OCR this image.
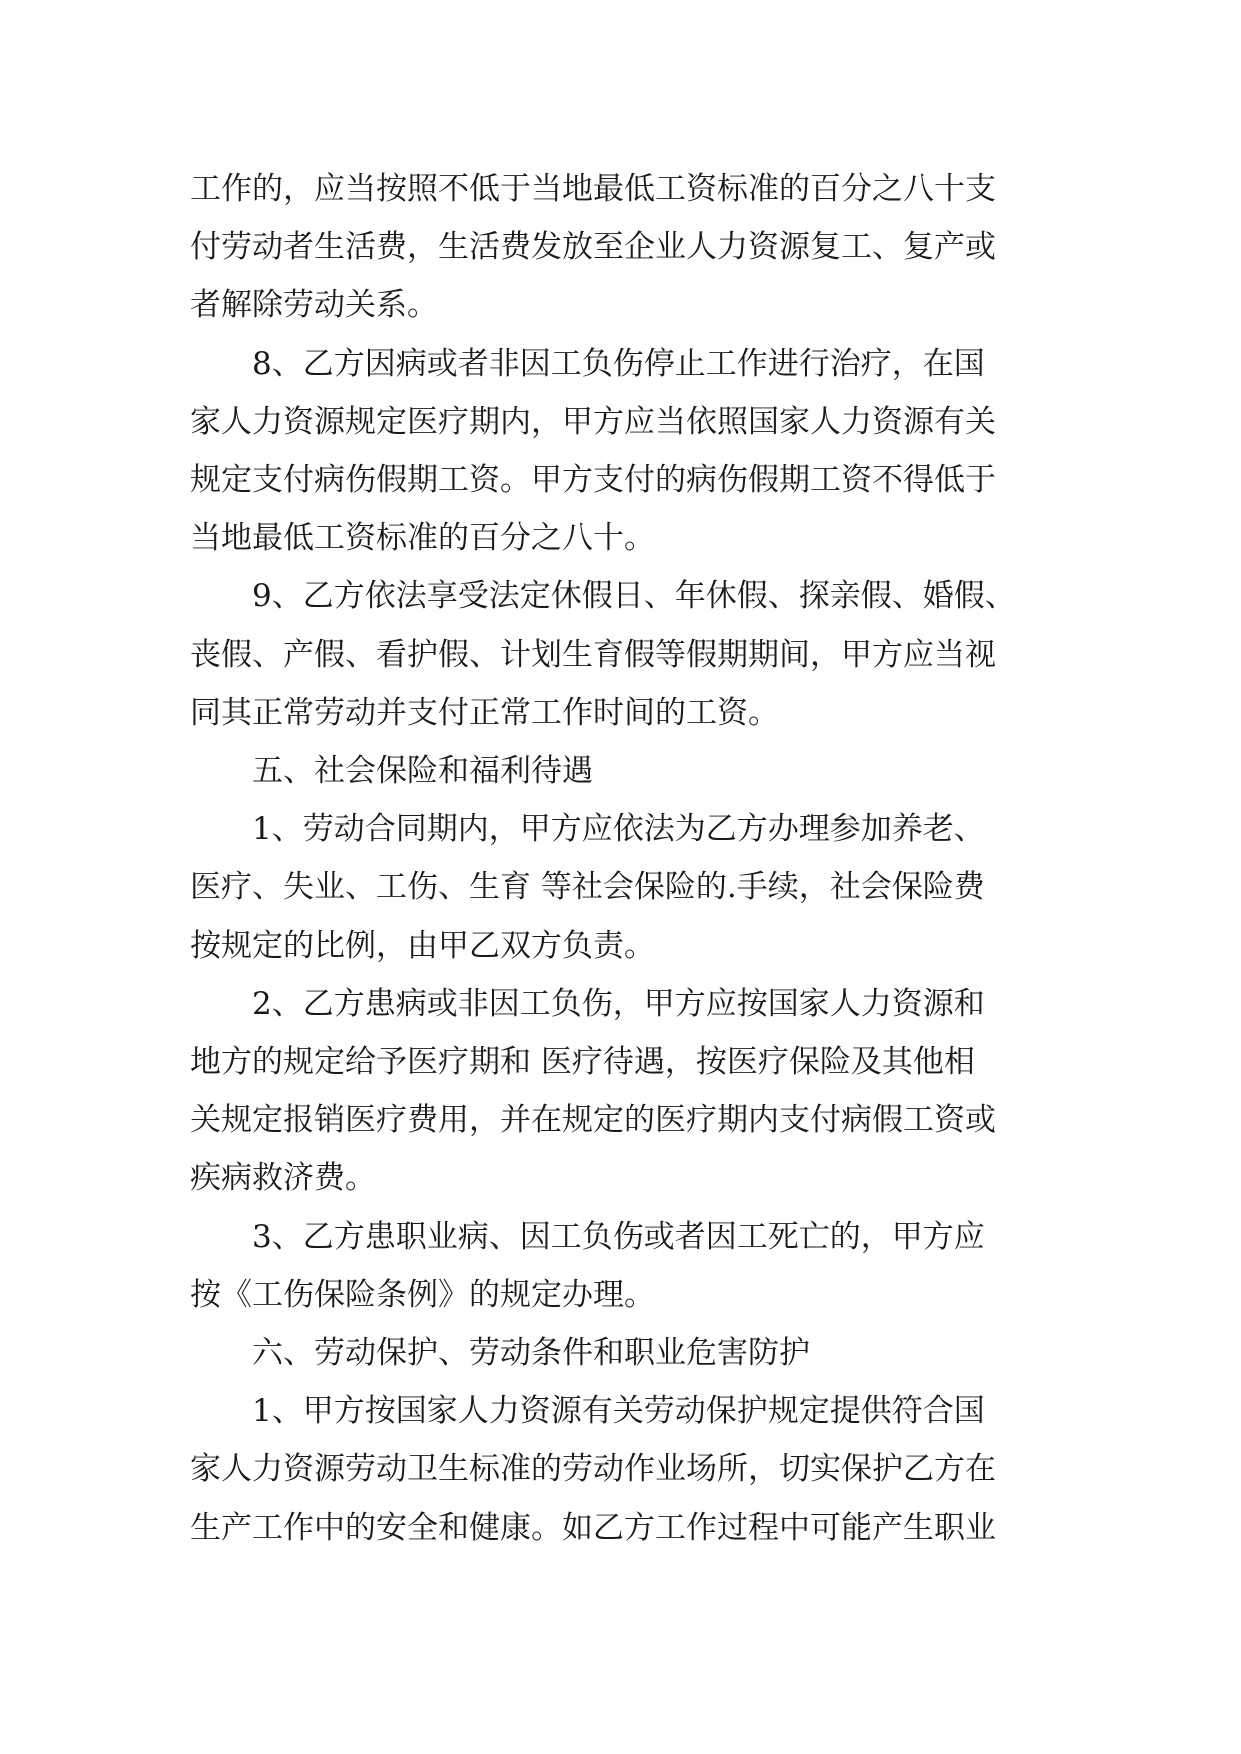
工作的，应当按照不低于当地最低工资标准的百分之八十支
付劳动者生活费，生活费发放至企业人力资源复工、复产或
者解除劳动关系。

8、乙方因病或者非因工负伤停止工作进行治疗，在国
家人力资源规定医疗期内，甲方应当依照国家人力资源有关
规定支付病伤假期工资。甲方支付的病伤假期工资不得低于
当地最低工资标准的百分之八十。

9、乙方依法享受法定休假日、年休假、探亲假、婚假、
丧假、产假、看护假、计划生育假等假期期间，甲方应当视
同其正常劳动并支付正常工作时间的工资。

五、社会保险和福利待遇

1、劳动合同期内，甲方应依法为乙方办理参加养老、
医疗、失业、工伤、生育 等社会保险的.手续，社会保险费
按规定的比例，由甲乙双方负责。

2、乙方患病或非因工负伤，甲方应按国家人力资源和
地方的规定给予医疗期和 医疗待遇，按医疗保险及其他相
关规定报销医疗费用，并在规定的医疗期内支付病假工资或
疾病救济费。

3、乙方患职业病、因工负伤或者因工死亡的，甲方应
按《工伤保险条例》的规定办理。

六、劳动保护、劳动条件和职业危害防护

1、甲方按国家人力资源有关劳动保护规定提供符合国
家人力资源劳动卫生标准的劳动作业场所，切实保护乙方在
生产工作中的安全和健康。如乙方工作过程中可能产生职业
